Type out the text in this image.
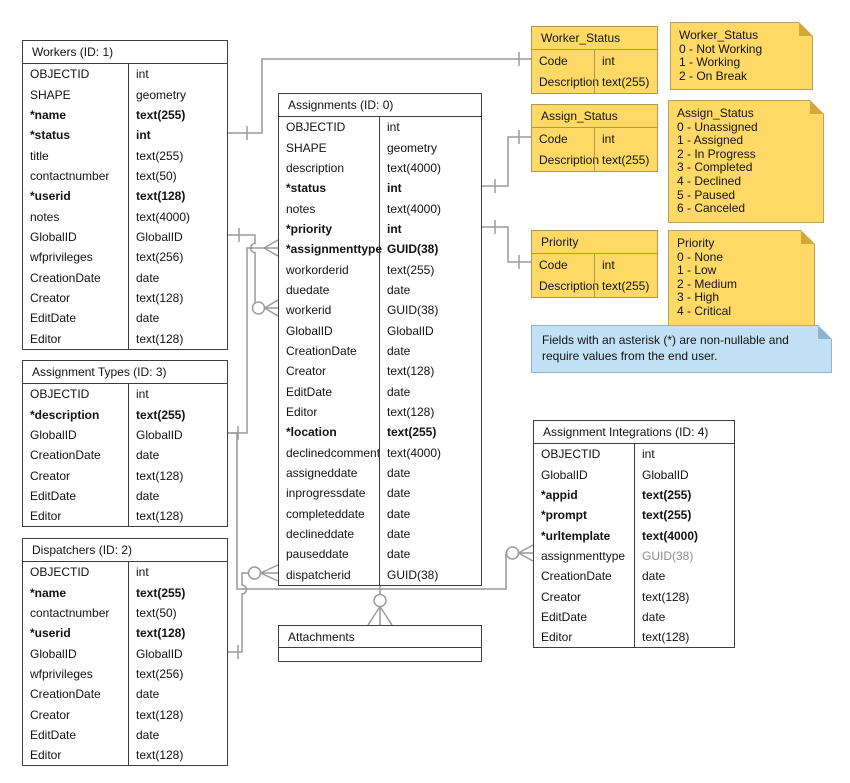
Workers (ID: 1)
OBJECTID	int
SHAPE	geometry
*name	text(255)
*status	int
title	text(255)
contactnumber	text(50)
*userid	text(128)
notes	text(4000)
GlobalID	GlobalID
wfprivileges	text(256)
CreationDate	date
Creator	text(128)
EditDate	date
Editor	text(128)
Assignment Types (ID: 3)
OBJECTID	int
*description	text(255)
GlobalID	GlobalID
CreationDate	date
Creator	text(128)
EditDate	date
Editor	text(128)
Dispatchers (ID: 2)
OBJECTID	int
*name	text(255)
contactnumber	text(50)
*userid	text(128)
GlobalID	GlobalID
wfprivileges	text(256)
CreationDate	date
Creator	text(128)
EditDate	date
Editor	text(128)
Assignments (ID: 0)
OBJECTID	int
SHAPE	geometry
description	text(4000)
*status	int
notes	text(4000)
*priority	int
*assignmenttype GUID(38)
workorderid	text(255)
duedate	date
workerid	GUID(38)
GlobalID	GlobalID
CreationDate	date
Creator	text(128)
EditDate	date
Editor	text(128)
*location	text(255)
declinedcomment text(4000)
assigneddate	date
inprogressdate	date
completeddate	date
declineddate	date
pauseddate	date
dispatcherid	GUID(38)
Attachments
Worker_Status
Code	int
Description text(255)
Assign_Status
Code	int
Description text(255)
Priority
Code	int
Description text(255)
Assignment Integrations (ID: 4)
OBJECTID	int
GlobalID	GlobalID
*appid	text(255)
*prompt	text(255)
*urltemplate	text(4000)
assignmenttype	GUID(38)
CreationDate	date
Creator	text(128)
EditDate	date
Editor	text(128)
Worker_Status
0 - Not Working
1 - Working
2 - On Break
Assign_Status
0 - Unassigned
1 - Assigned
2 - In Progress
3 - Completed
4 - Declined
5 - Paused
6 - Canceled
Priority
0 - None
1 - Low
2 - Medium
3 - High
4 - Critical
Fields with an asterisk (*) are non-nullable and require values from the end user.
